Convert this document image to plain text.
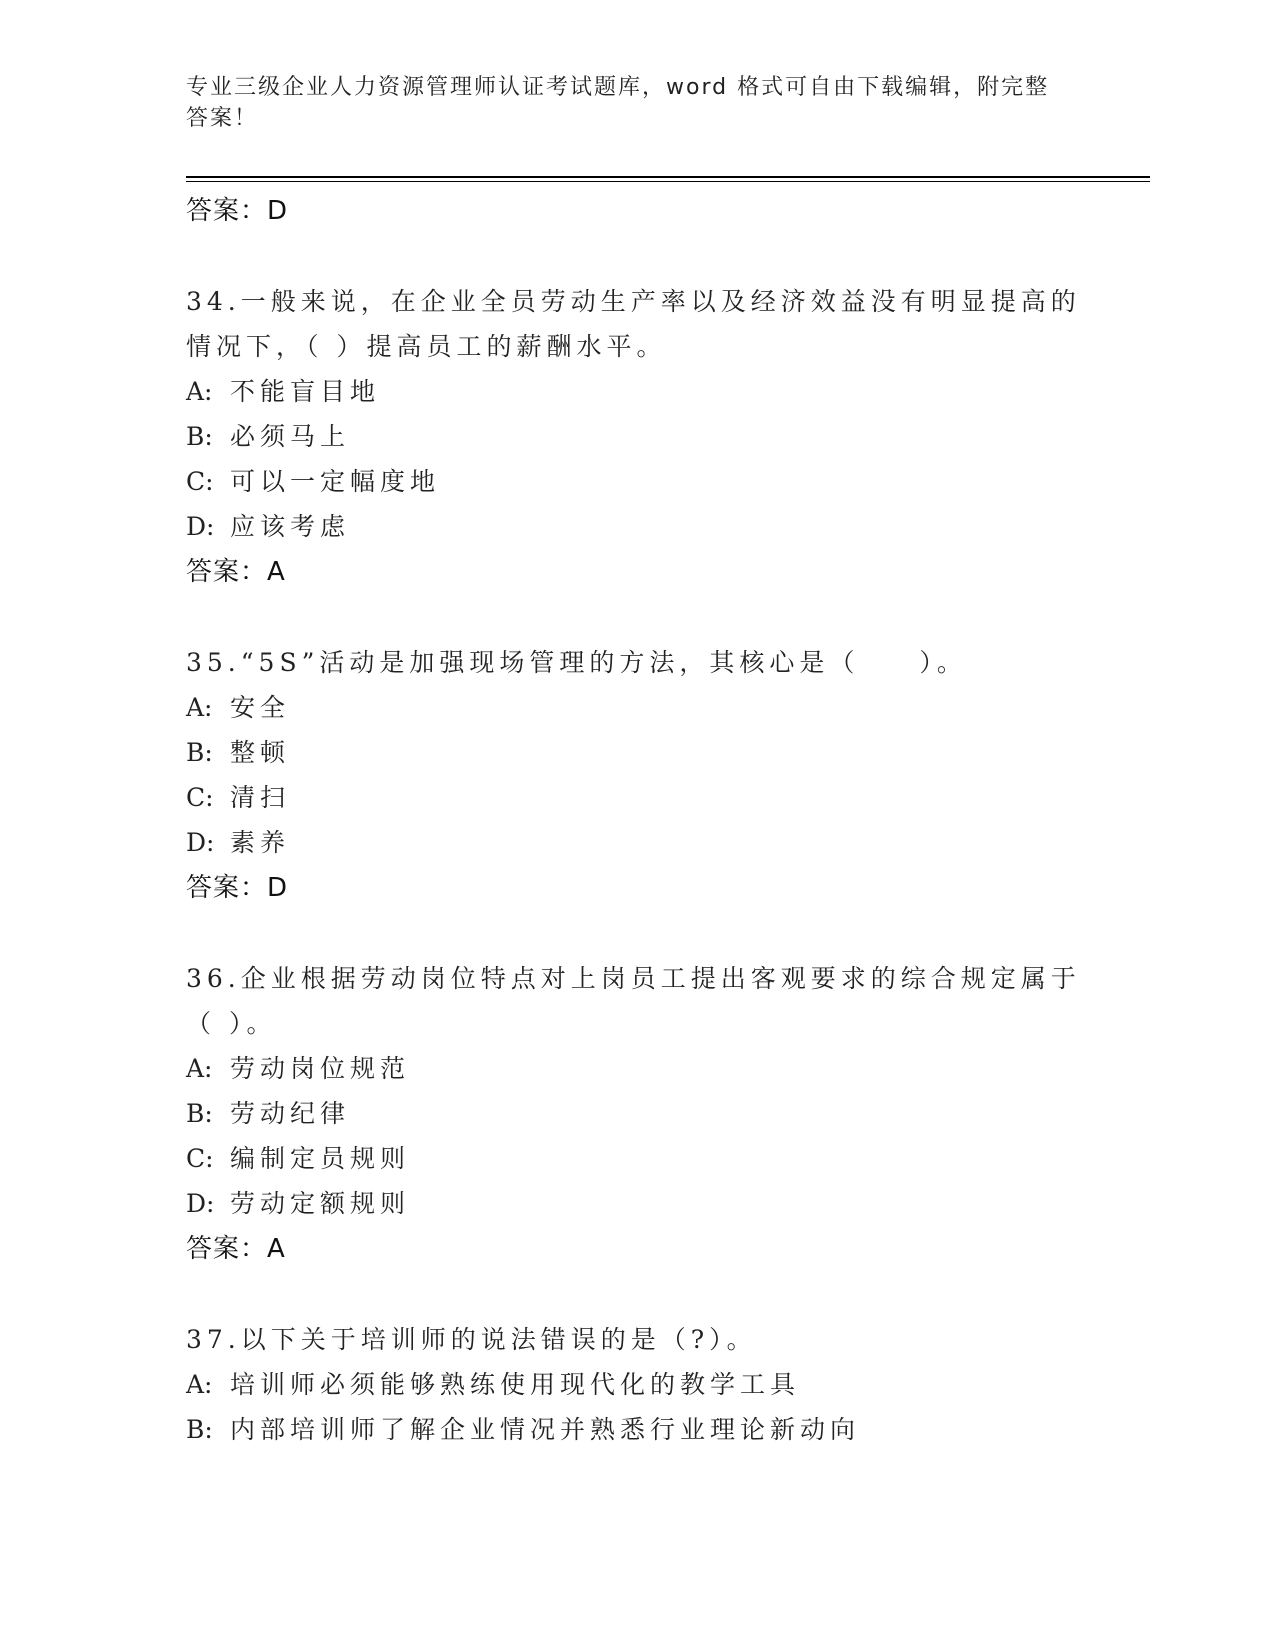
专业三级企业人力资源管理师认证考试题库，word 格式可自由下载编辑，附完整答案！
答案：D
34.一般来说，在企业全员劳动生产率以及经济效益没有明显提高的情况下，（ ）提高员工的薪酬水平。
A: 不能盲目地
B: 必须马上
C: 可以一定幅度地
D: 应该考虑
答案：A
35.“5S”活动是加强现场管理的方法，其核心是（　　）。
A: 安全
B: 整顿
C: 清扫
D: 素养
答案：D
36.企业根据劳动岗位特点对上岗员工提出客观要求的综合规定属于（ ）。
A: 劳动岗位规范
B: 劳动纪律
C: 编制定员规则
D: 劳动定额规则
答案：A
37.以下关于培训师的说法错误的是（?）。
A: 培训师必须能够熟练使用现代化的教学工具
B: 内部培训师了解企业情况并熟悉行业理论新动向
